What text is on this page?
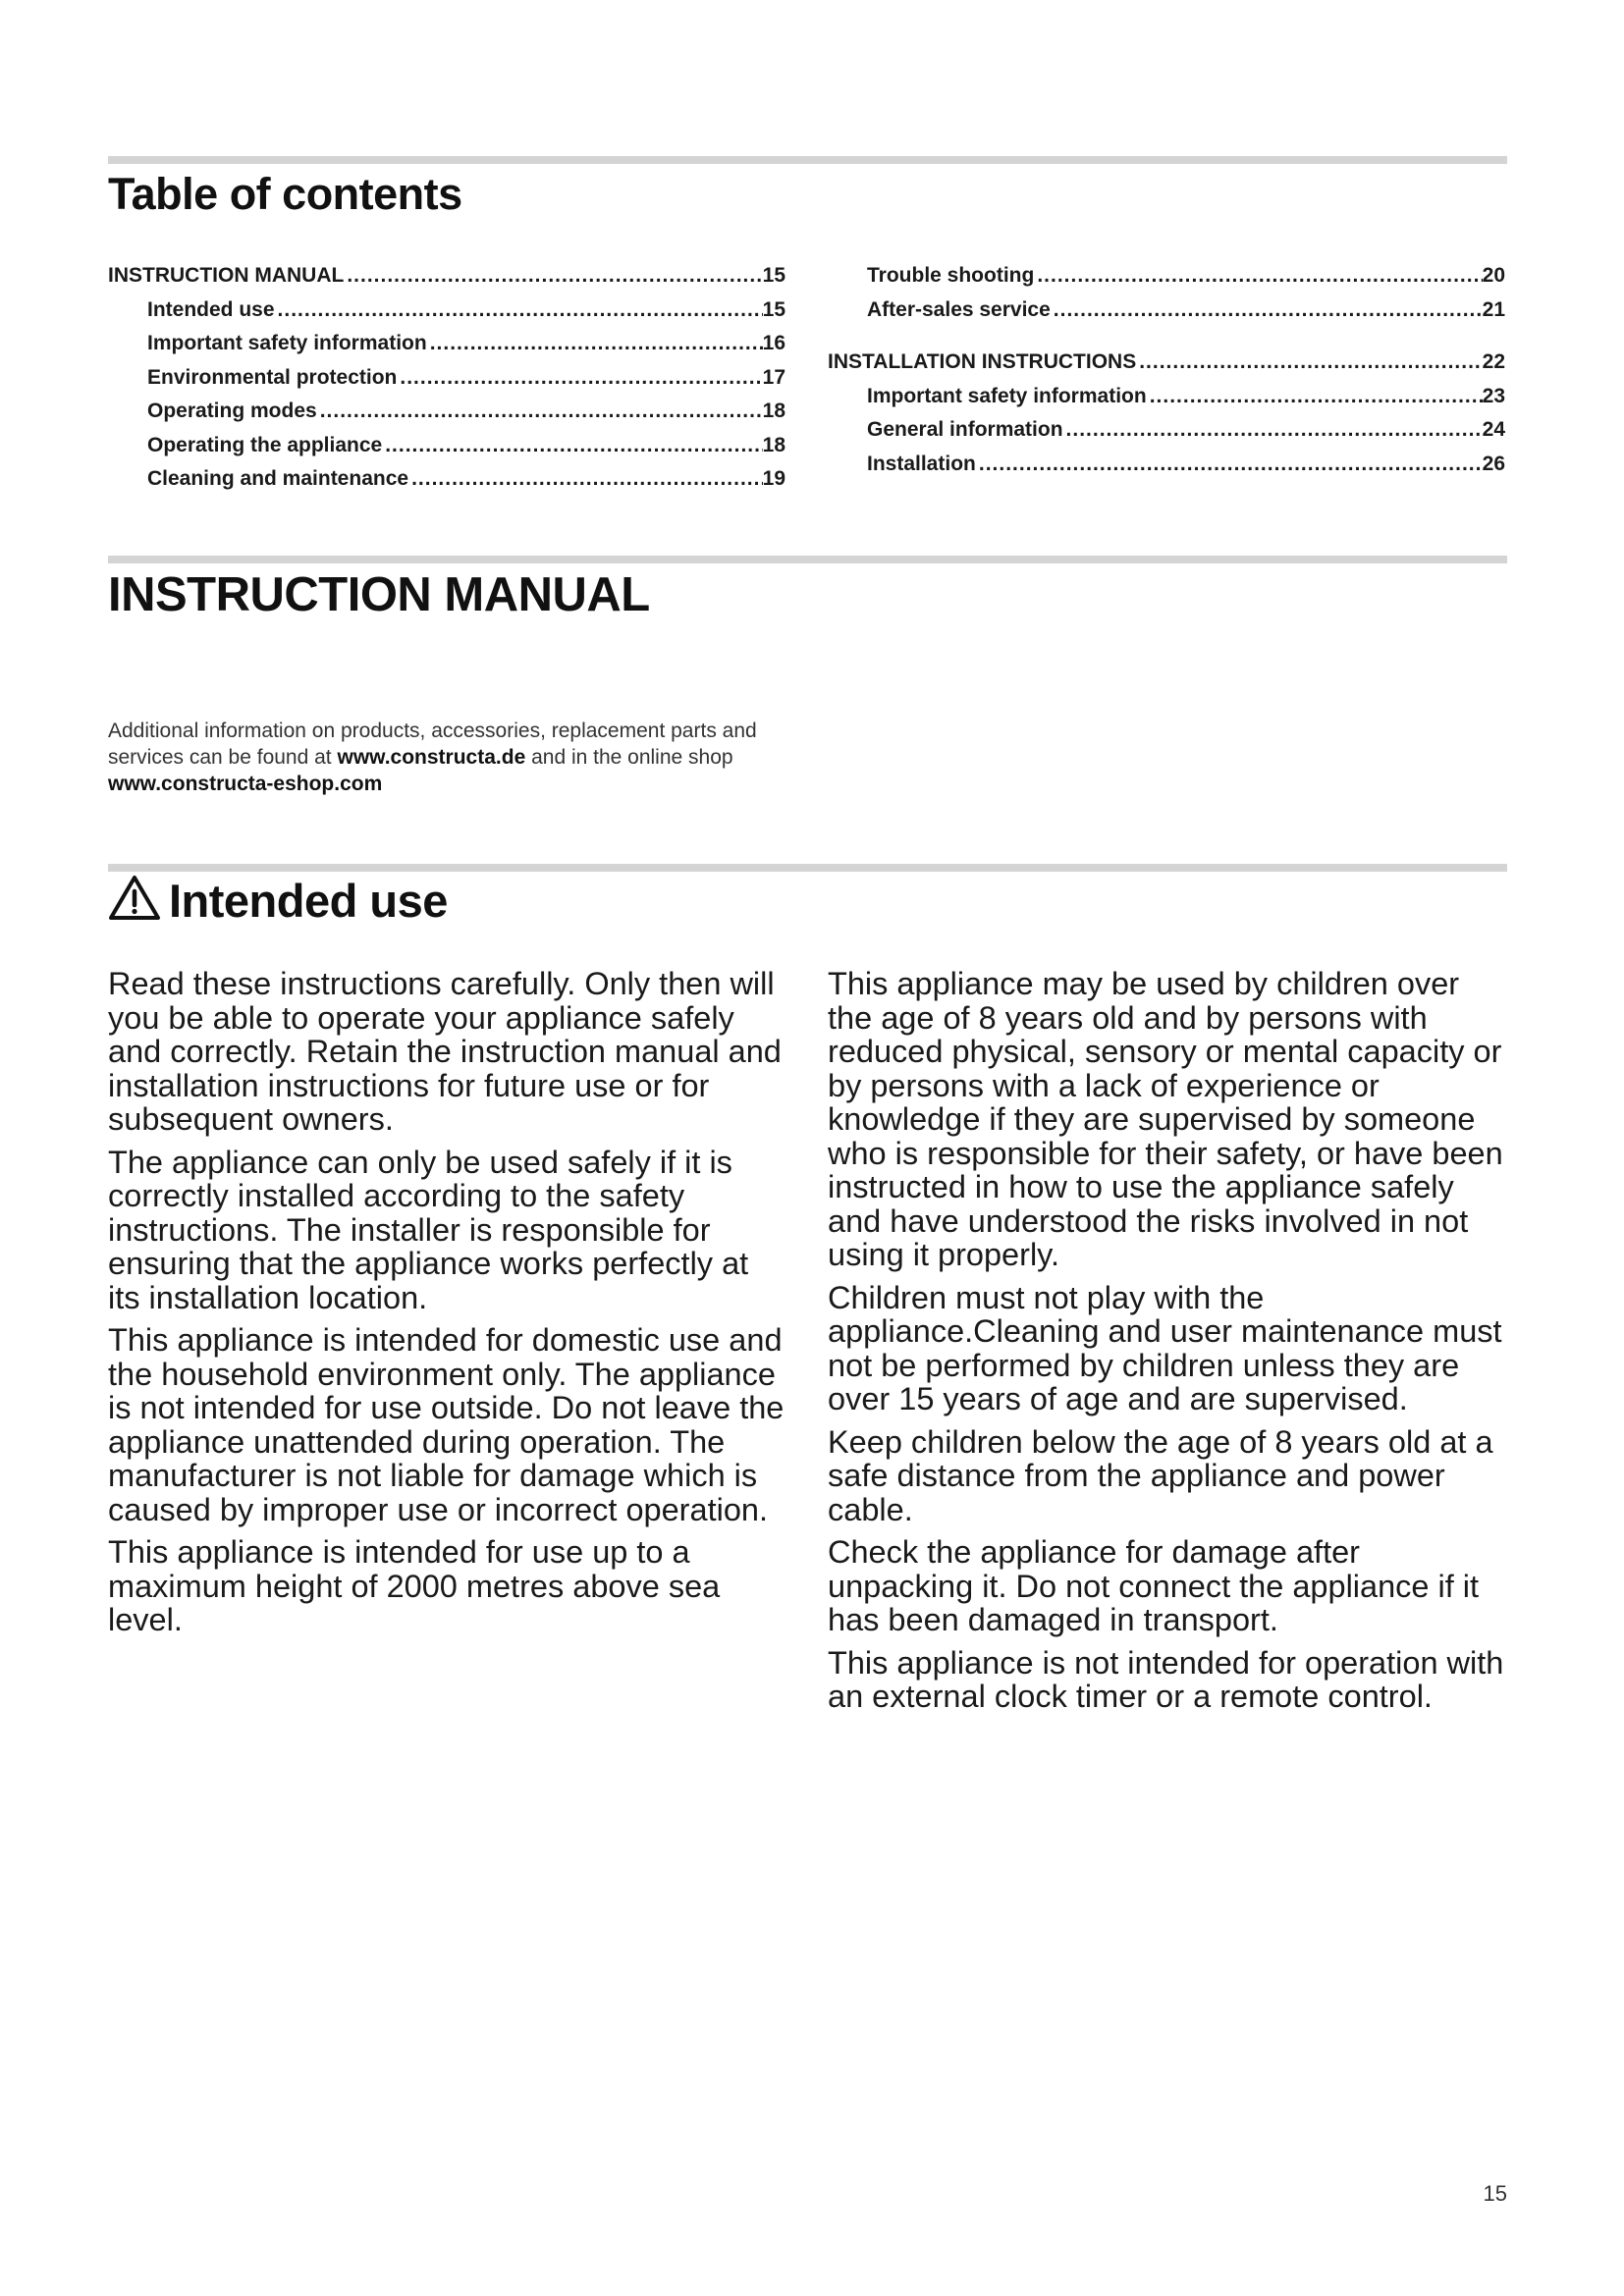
Table of contents
INSTRUCTION MANUAL .....	15
Intended use .....	15
Important safety information .....	16
Environmental protection .....	17
Operating modes .....	18
Operating the appliance .....	18
Cleaning and maintenance .....	19
Trouble shooting .....	20
After-sales service .....	21
INSTALLATION INSTRUCTIONS .....	22
Important safety information .....	23
General information .....	24
Installation .....	26
INSTRUCTION MANUAL
Additional information on products, accessories, replacement parts and services can be found at www.constructa.de and in the online shop www.constructa-eshop.com
Intended use

Read these instructions carefully. Only then will you be able to operate your appliance safely and correctly. Retain the instruction manual and installation instructions for future use or for subsequent owners.

The appliance can only be used safely if it is correctly installed according to the safety instructions. The installer is responsible for ensuring that the appliance works perfectly at its installation location.

This appliance is intended for domestic use and the household environment only. The appliance is not intended for use outside. Do not leave the appliance unattended during operation. The manufacturer is not liable for damage which is caused by improper use or incorrect operation.

This appliance is intended for use up to a maximum height of 2000 metres above sea level.

This appliance may be used by children over the age of 8 years old and by persons with reduced physical, sensory or mental capacity or by persons with a lack of experience or knowledge if they are supervised by someone who is responsible for their safety, or have been instructed in how to use the appliance safely and have understood the risks involved in not using it properly.

Children must not play with the appliance.Cleaning and user maintenance must not be performed by children unless they are over 15 years of age and are supervised.

Keep children below the age of 8 years old at a safe distance from the appliance and power cable.

Check the appliance for damage after unpacking it. Do not connect the appliance if it has been damaged in transport.

This appliance is not intended for operation with an external clock timer or a remote control.

15
